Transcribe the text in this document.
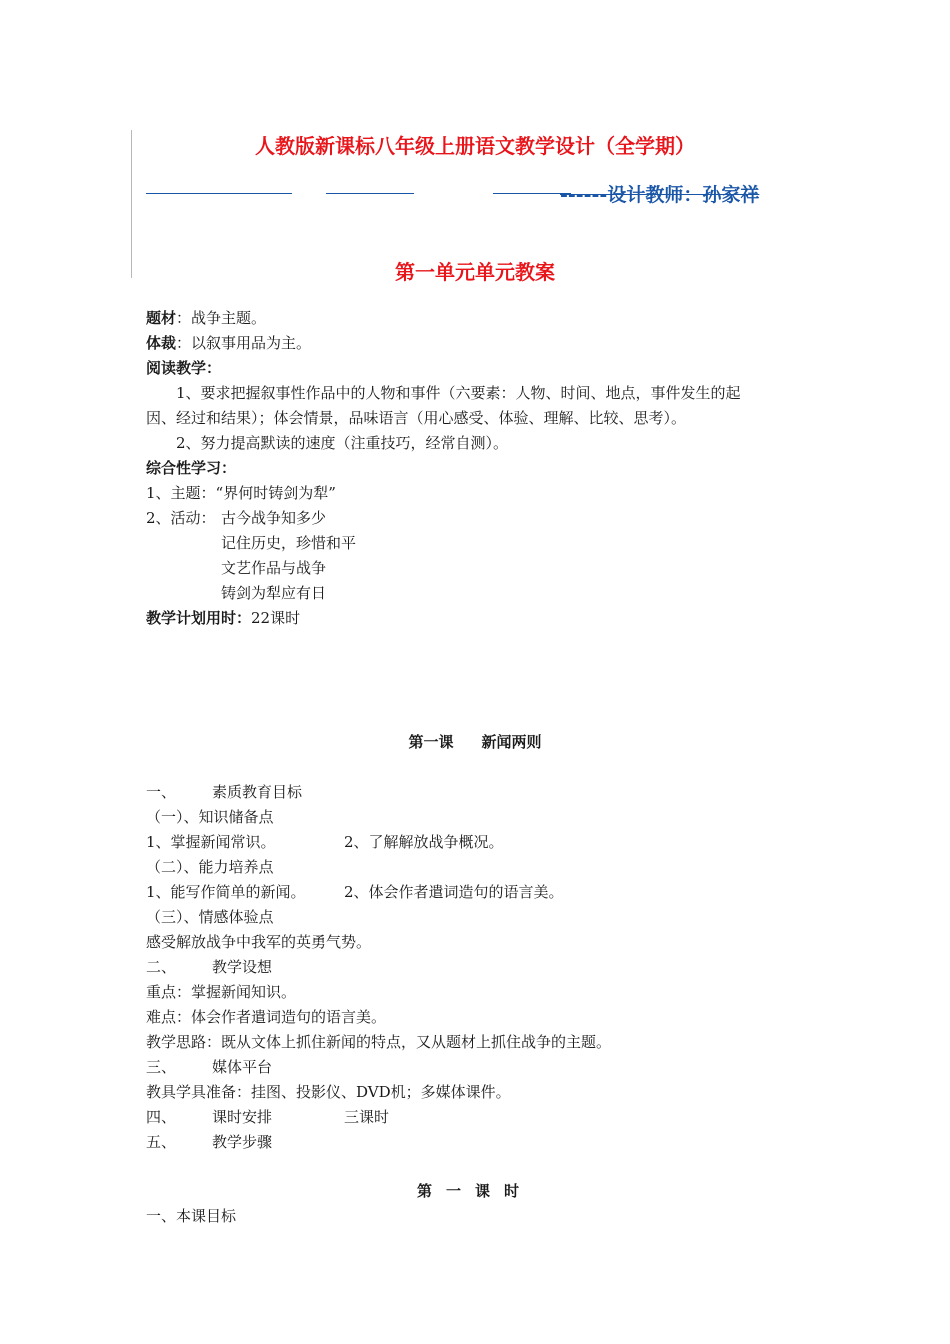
人教版新课标八年级上册语文教学设计（全学期）
------设计教师：孙家祥
第一单元单元教案
题材：战争主题。
体裁：以叙事用品为主。
阅读教学：
1、要求把握叙事性作品中的人物和事件（六要素：人物、时间、地点，事件发生的起
因、经过和结果）；体会情景，品味语言（用心感受、体验、理解、比较、思考）。
2、努力提高默读的速度（注重技巧，经常自测）。
综合性学习：
1、主题：“界何时铸剑为犁”
2、活动： 古今战争知多少
记住历史，珍惜和平
文艺作品与战争
铸剑为犁应有日
教学计划用时：22课时
第一课 新闻两则
一、 素质教育目标
（一）、知识储备点
1、掌握新闻常识。	2、了解解放战争概况。
（二）、能力培养点
1、能写作简单的新闻。	2、体会作者遣词造句的语言美。
（三）、情感体验点
感受解放战争中我军的英勇气势。
二、 教学设想
重点：掌握新闻知识。
难点：体会作者遣词造句的语言美。
教学思路：既从文体上抓住新闻的特点，又从题材上抓住战争的主题。
三、 媒体平台
教具学具准备：挂图、投影仪、DVD机；多媒体课件。
四、 课时安排	三课时
五、 教学步骤
第一课时
一、本课目标
